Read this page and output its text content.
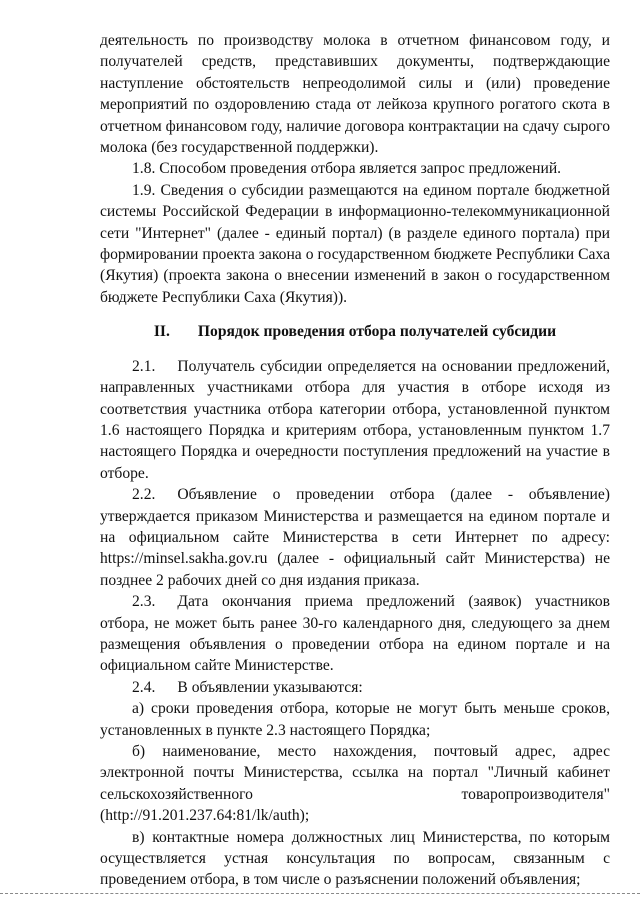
деятельность по производству молока в отчетном финансовом году, и получателей средств, представивших документы, подтверждающие наступление обстоятельств непреодолимой силы и (или) проведение мероприятий по оздоровлению стада от лейкоза крупного рогатого скота в отчетном финансовом году, наличие договора контрактации на сдачу сырого молока (без государственной поддержки).

1.8. Способом проведения отбора является запрос предложений.

1.9. Сведения о субсидии размещаются на едином портале бюджетной системы Российской Федерации в информационно-телекоммуникационной сети "Интернет" (далее - единый портал) (в разделе единого портала) при формировании проекта закона о государственном бюджете Республики Саха (Якутия) (проекта закона о внесении изменений в закон о государственном бюджете Республики Саха (Якутия)).

II. Порядок проведения отбора получателей субсидии

2.1. Получатель субсидии определяется на основании предложений, направленных участниками отбора для участия в отборе исходя из соответствия участника отбора категории отбора, установленной пунктом 1.6 настоящего Порядка и критериям отбора, установленным пунктом 1.7 настоящего Порядка и очередности поступления предложений на участие в отборе.

2.2. Объявление о проведении отбора (далее - объявление) утверждается приказом Министерства и размещается на едином портале и на официальном сайте Министерства в сети Интернет по адресу: https://minsel.sakha.gov.ru (далее - официальный сайт Министерства) не позднее 2 рабочих дней со дня издания приказа.

2.3. Дата окончания приема предложений (заявок) участников отбора, не может быть ранее 30-го календарного дня, следующего за днем размещения объявления о проведении отбора на едином портале и на официальном сайте Министерстве.

2.4. В объявлении указываются:

а) сроки проведения отбора, которые не могут быть меньше сроков, установленных в пункте 2.3 настоящего Порядка;

б) наименование, место нахождения, почтовый адрес, адрес электронной почты Министерства, ссылка на портал "Личный кабинет сельскохозяйственного товаропроизводителя" (http://91.201.237.64:81/lk/auth);

в) контактные номера должностных лиц Министерства, по которым осуществляется устная консультация по вопросам, связанным с проведением отбора, в том числе о разъяснении положений объявления;
